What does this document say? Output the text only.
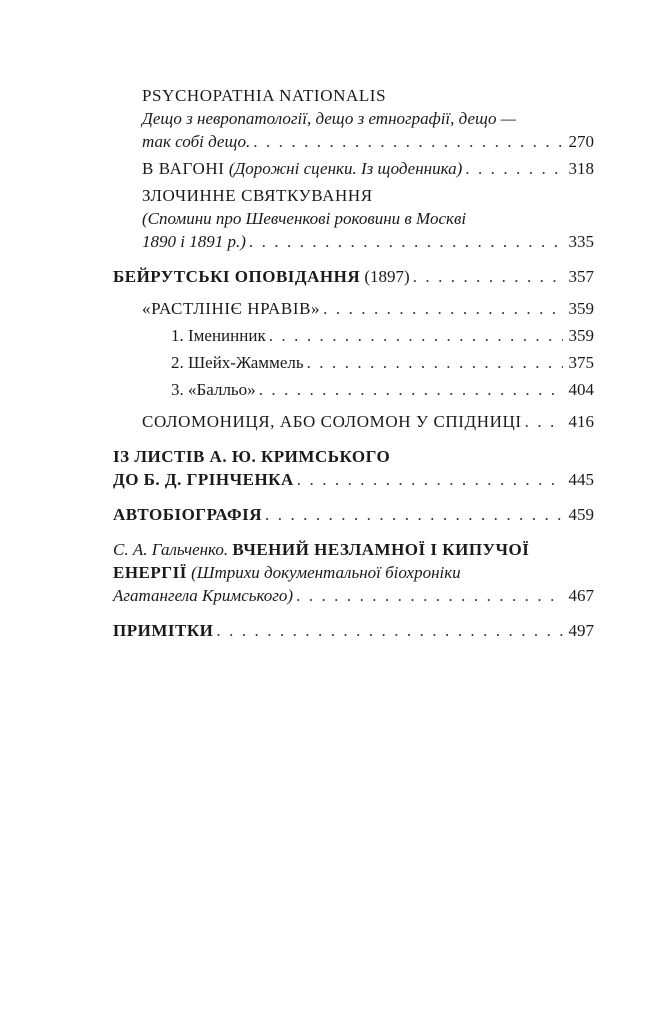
PSYCHOPATHIA NATIONALIS
Дещо з невропатології, дещо з етнографії, дещо —
так собі дещо. . . .	270
В ВАГОНІ (Дорожні сценки. Із щоденника) . . .	318
ЗЛОЧИННЕ СВЯТКУВАННЯ
(Спомини про Шевченкові роковини в Москві
1890 і 1891 р.) . . .	335
БЕЙРУТСЬКІ ОПОВІДАННЯ (1897) . . .	357
«РАСТЛІНІЄ НРАВІВ» . . .	359
1. Іменинник . . .	359
2. Шейх-Жаммель . . .	375
3. «Балльо» . . .	404
СОЛОМОНИЦЯ, АБО СОЛОМОН У СПІДНИЦІ . . .	416
ІЗ ЛИСТІВ А. Ю. КРИМСЬКОГО
ДО Б. Д. ГРІНЧЕНКА . . .	445
АВТОБІОГРАФІЯ . . .	459
С. А. Гальченко. ВЧЕНИЙ НЕЗЛАМНОЇ І КИПУЧОЇ
ЕНЕРГІЇ (Штрихи документальної біохроніки
Агатангела Кримського) . . .	467
ПРИМІТКИ . . .	497
